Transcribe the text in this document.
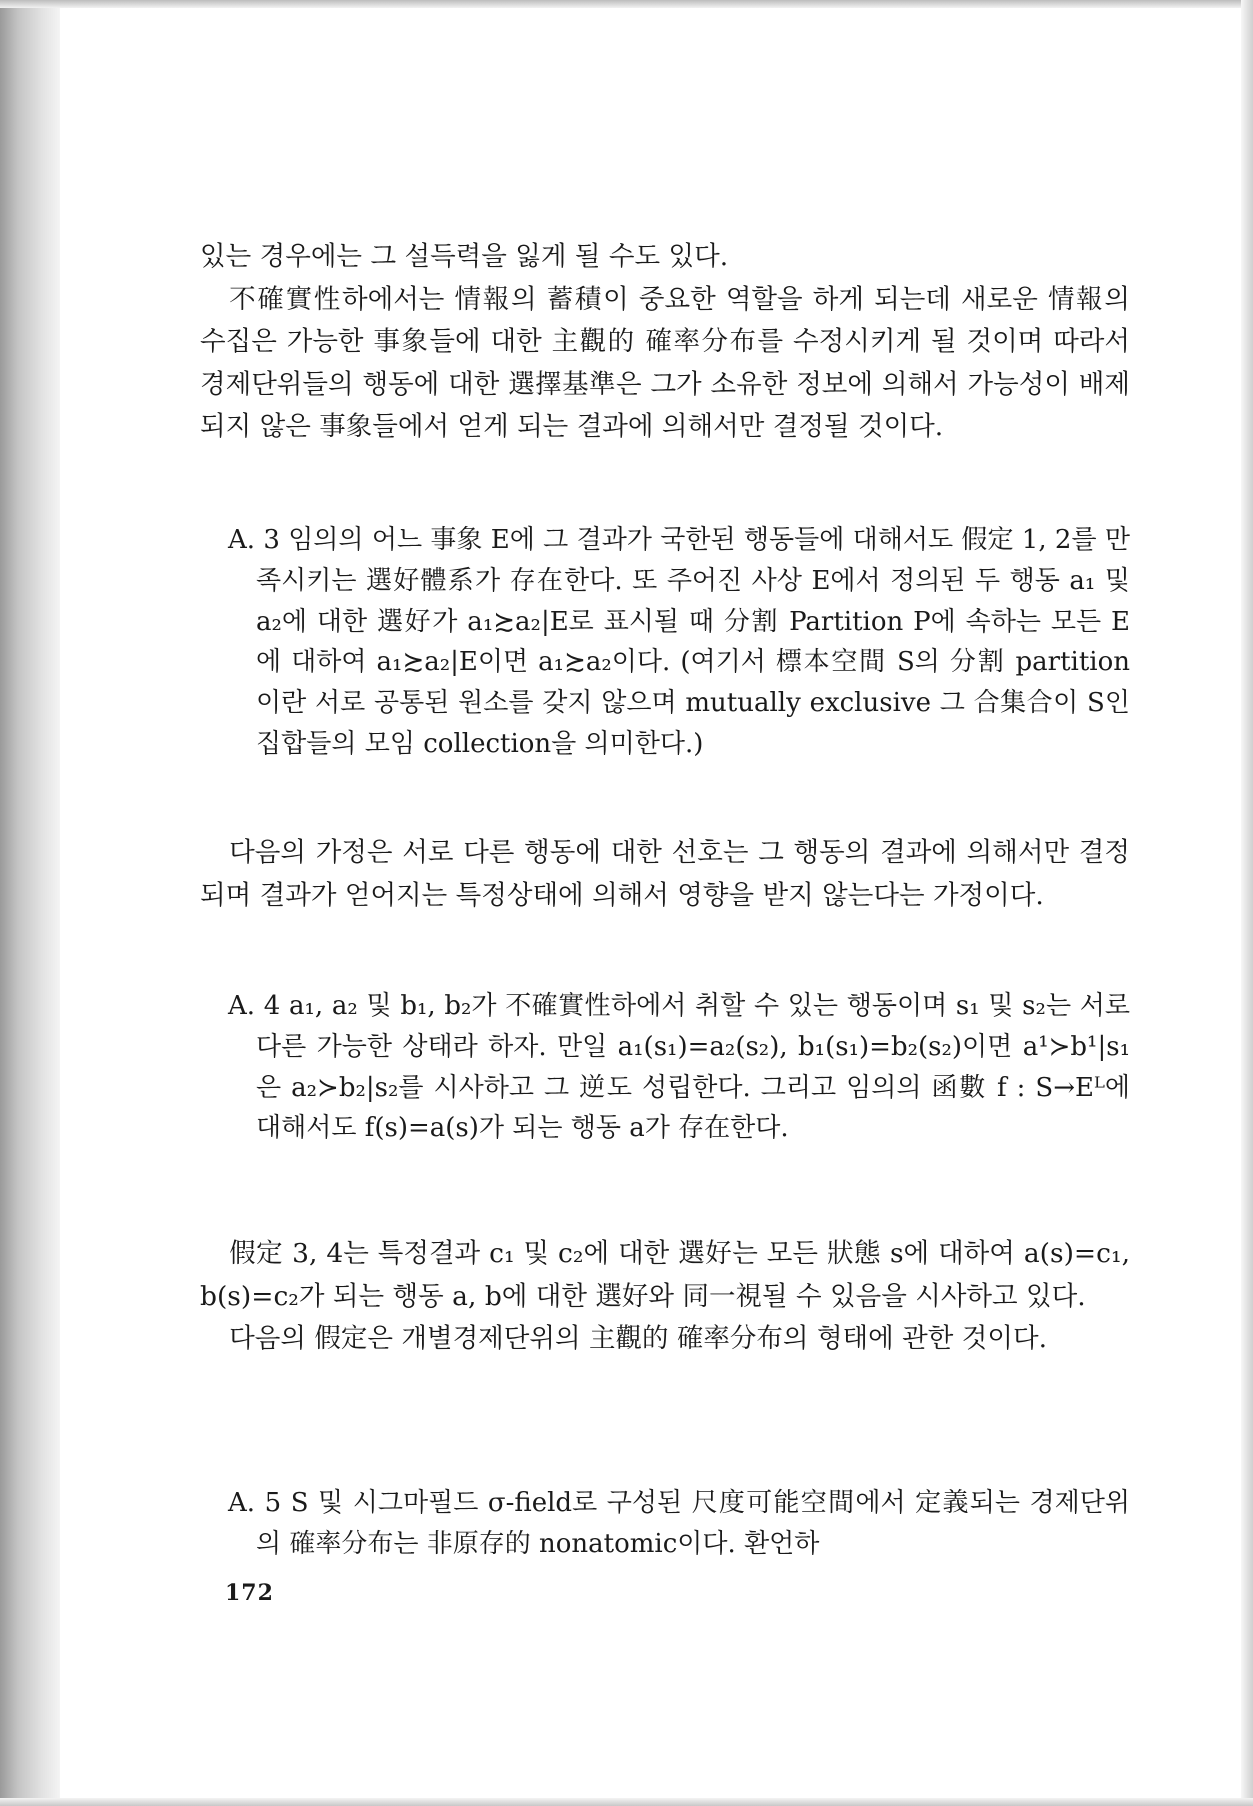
있는 경우에는 그 설득력을 잃게 될 수도 있다.

不確實性하에서는 情報의 蓄積이 중요한 역할을 하게 되는데 새로운 情報의 수집은 가능한 事象들에 대한 主觀的 確率分布를 수정시키게 될 것이며 따라서 경제단위들의 행동에 대한 選擇基準은 그가 소유한 정보에 의해서 가능성이 배제되지 않은 事象들에서 얻게 되는 결과에 의해서만 결정될 것이다.

A. 3 임의의 어느 事象 E에 그 결과가 국한된 행동들에 대해서도 假定 1, 2를 만족시키는 選好體系가 存在한다. 또 주어진 사상 E에서 정의된 두 행동 a₁ 및 a₂에 대한 選好가 a₁≿a₂|E로 표시될 때 分割 Partition P에 속하는 모든 E에 대하여 a₁≿a₂|E이면 a₁≿a₂이다. (여기서 標本空間 S의 分割 partition이란 서로 공통된 원소를 갖지 않으며 mutually exclusive 그 合集合이 S인 집합들의 모임 collection을 의미한다.)

다음의 가정은 서로 다른 행동에 대한 선호는 그 행동의 결과에 의해서만 결정되며 결과가 얻어지는 특정상태에 의해서 영향을 받지 않는다는 가정이다.

A. 4 a₁, a₂ 및 b₁, b₂가 不確實性하에서 취할 수 있는 행동이며 s₁ 및 s₂는 서로 다른 가능한 상태라 하자. 만일 a₁(s₁)=a₂(s₂), b₁(s₁)=b₂(s₂)이면 a¹≻b¹|s₁은 a₂≻b₂|s₂를 시사하고 그 逆도 성립한다. 그리고 임의의 函數 f : S→Eᴸ에 대해서도 f(s)=a(s)가 되는 행동 a가 存在한다.

假定 3, 4는 특정결과 c₁ 및 c₂에 대한 選好는 모든 狀態 s에 대하여 a(s)=c₁, b(s)=c₂가 되는 행동 a, b에 대한 選好와 同一視될 수 있음을 시사하고 있다.

다음의 假定은 개별경제단위의 主觀的 確率分布의 형태에 관한 것이다.

A. 5 S 및 시그마필드 σ-field로 구성된 尺度可能空間에서 定義되는 경제단위의 確率分布는 非原存的 nonatomic이다. 환언하

172
